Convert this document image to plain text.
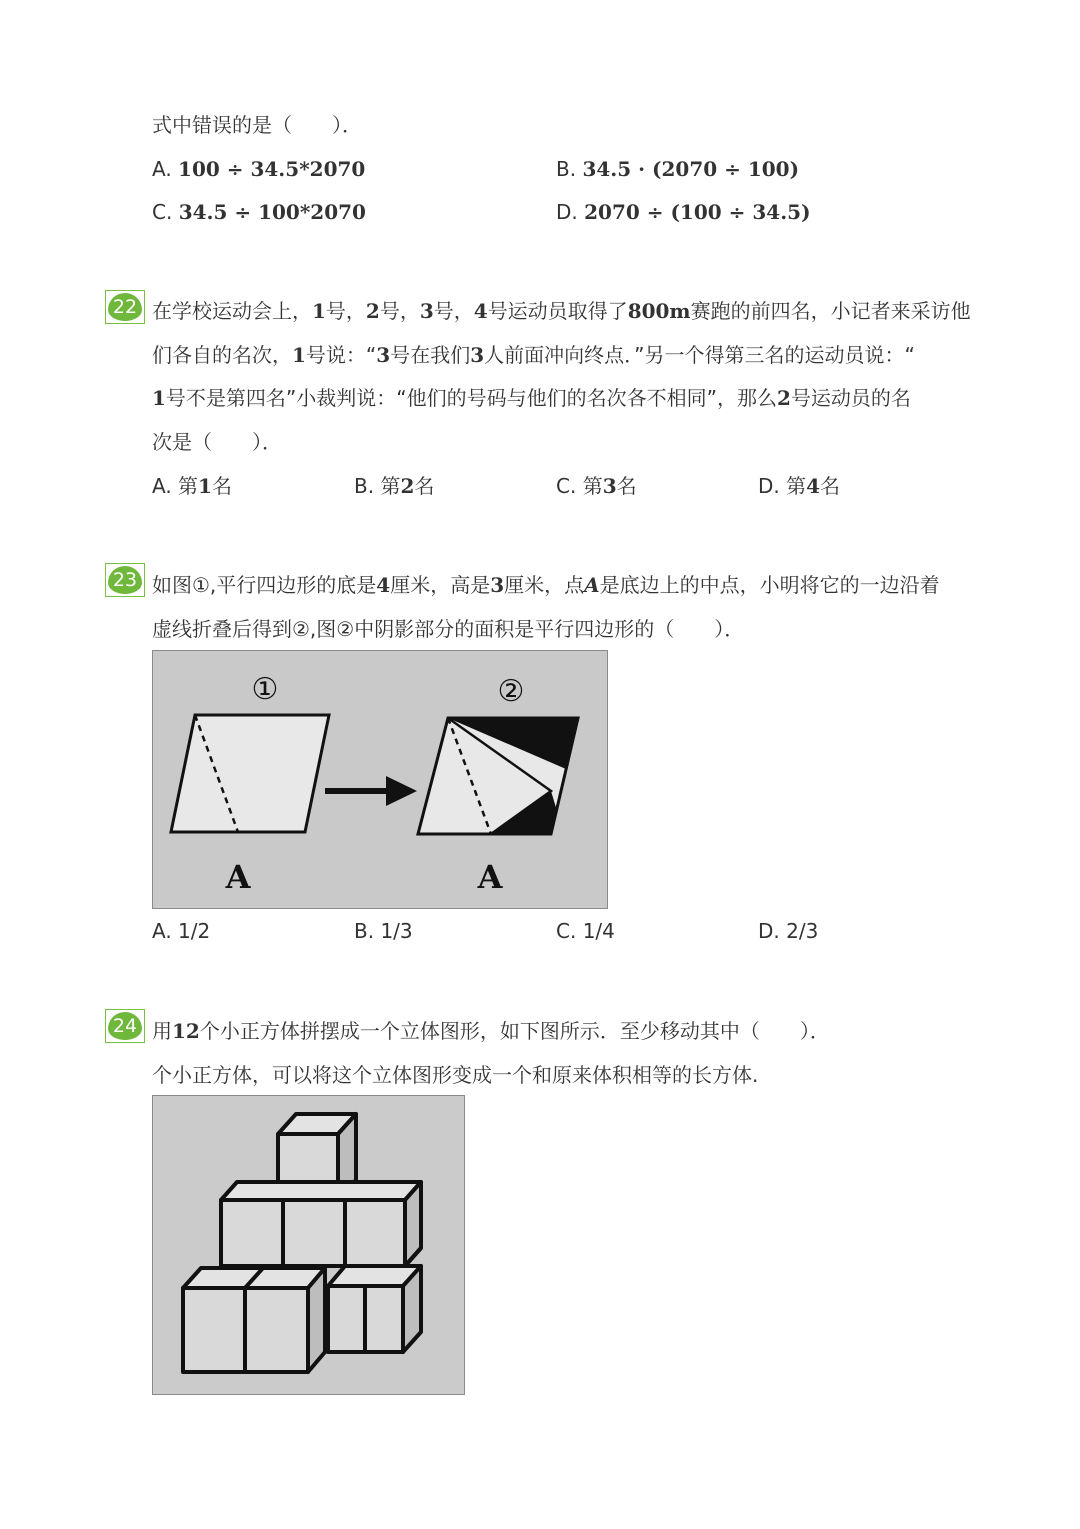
式中错误的是（　　）．
A. 100 ÷ 34.5*2070	B. 34.5 · (2070 ÷ 100)
C. 34.5 ÷ 100*2070	D. 2070 ÷ (100 ÷ 34.5)
22 在学校运动会上，1号，2号，3号，4号运动员取得了800m赛跑的前四名，小记者来采访他
们各自的名次，1号说：“3号在我们3人前面冲向终点．”另一个得第三名的运动员说：“
1号不是第四名”小裁判说：“他们的号码与他们的名次各不相同”，那么2号运动员的名
次是（　　）．
A. 第1名	B. 第2名	C. 第3名	D. 第4名
23 如图①,平行四边形的底是4厘米，高是3厘米，点A是底边上的中点，小明将它的一边沿着
虚线折叠后得到②,图②中阴影部分的面积是平行四边形的（　　）．
①
A
②
A
A. 1/2	B. 1/3	C. 1/4	D. 2/3
24 用12个小正方体拼摆成一个立体图形，如下图所示．至少移动其中（　　）．
个小正方体，可以将这个立体图形变成一个和原来体积相等的长方体.
